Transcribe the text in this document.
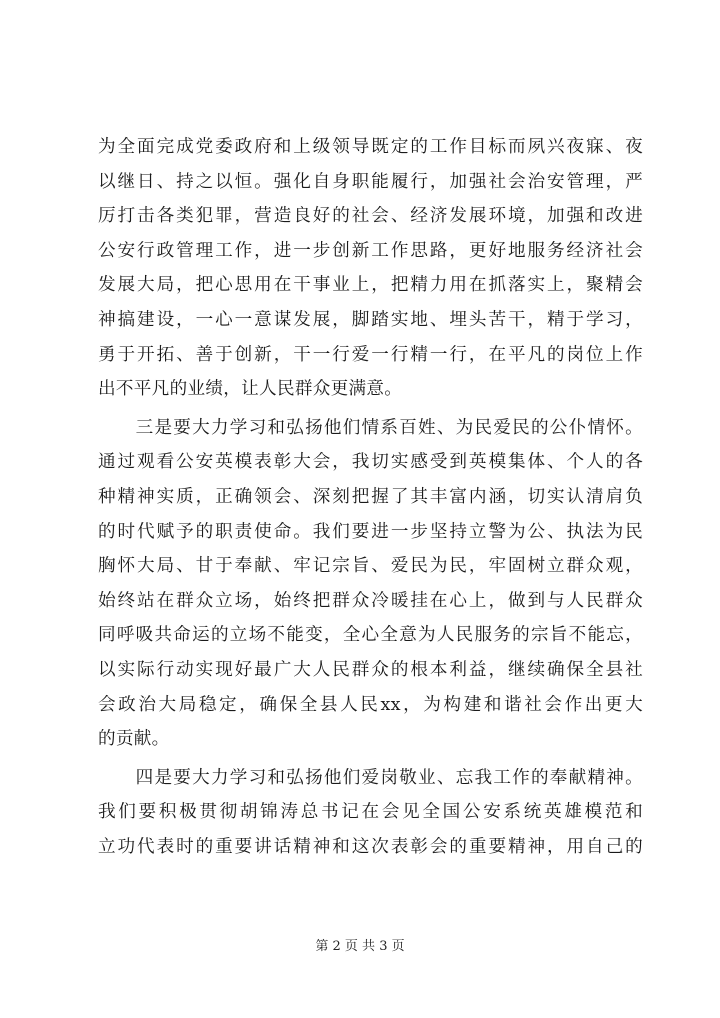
为全面完成党委政府和上级领导既定的工作目标而夙兴夜寐、夜
以继日、持之以恒。强化自身职能履行，加强社会治安管理，严
厉打击各类犯罪，营造良好的社会、经济发展环境，加强和改进
公安行政管理工作，进一步创新工作思路，更好地服务经济社会
发展大局，把心思用在干事业上，把精力用在抓落实上，聚精会
神搞建设，一心一意谋发展，脚踏实地、埋头苦干，精于学习，
勇于开拓、善于创新，干一行爱一行精一行，在平凡的岗位上作
出不平凡的业绩，让人民群众更满意。
　　三是要大力学习和弘扬他们情系百姓、为民爱民的公仆情怀。
通过观看公安英模表彰大会，我切实感受到英模集体、个人的各
种精神实质，正确领会、深刻把握了其丰富内涵，切实认清肩负
的时代赋予的职责使命。我们要进一步坚持立警为公、执法为民
胸怀大局、甘于奉献、牢记宗旨、爱民为民，牢固树立群众观，
始终站在群众立场，始终把群众冷暖挂在心上，做到与人民群众
同呼吸共命运的立场不能变，全心全意为人民服务的宗旨不能忘，
以实际行动实现好最广大人民群众的根本利益，继续确保全县社
会政治大局稳定，确保全县人民xx，为构建和谐社会作出更大
的贡献。
　　四是要大力学习和弘扬他们爱岗敬业、忘我工作的奉献精神。
我们要积极贯彻胡锦涛总书记在会见全国公安系统英雄模范和
立功代表时的重要讲话精神和这次表彰会的重要精神，用自己的
第 2 页 共 3 页
